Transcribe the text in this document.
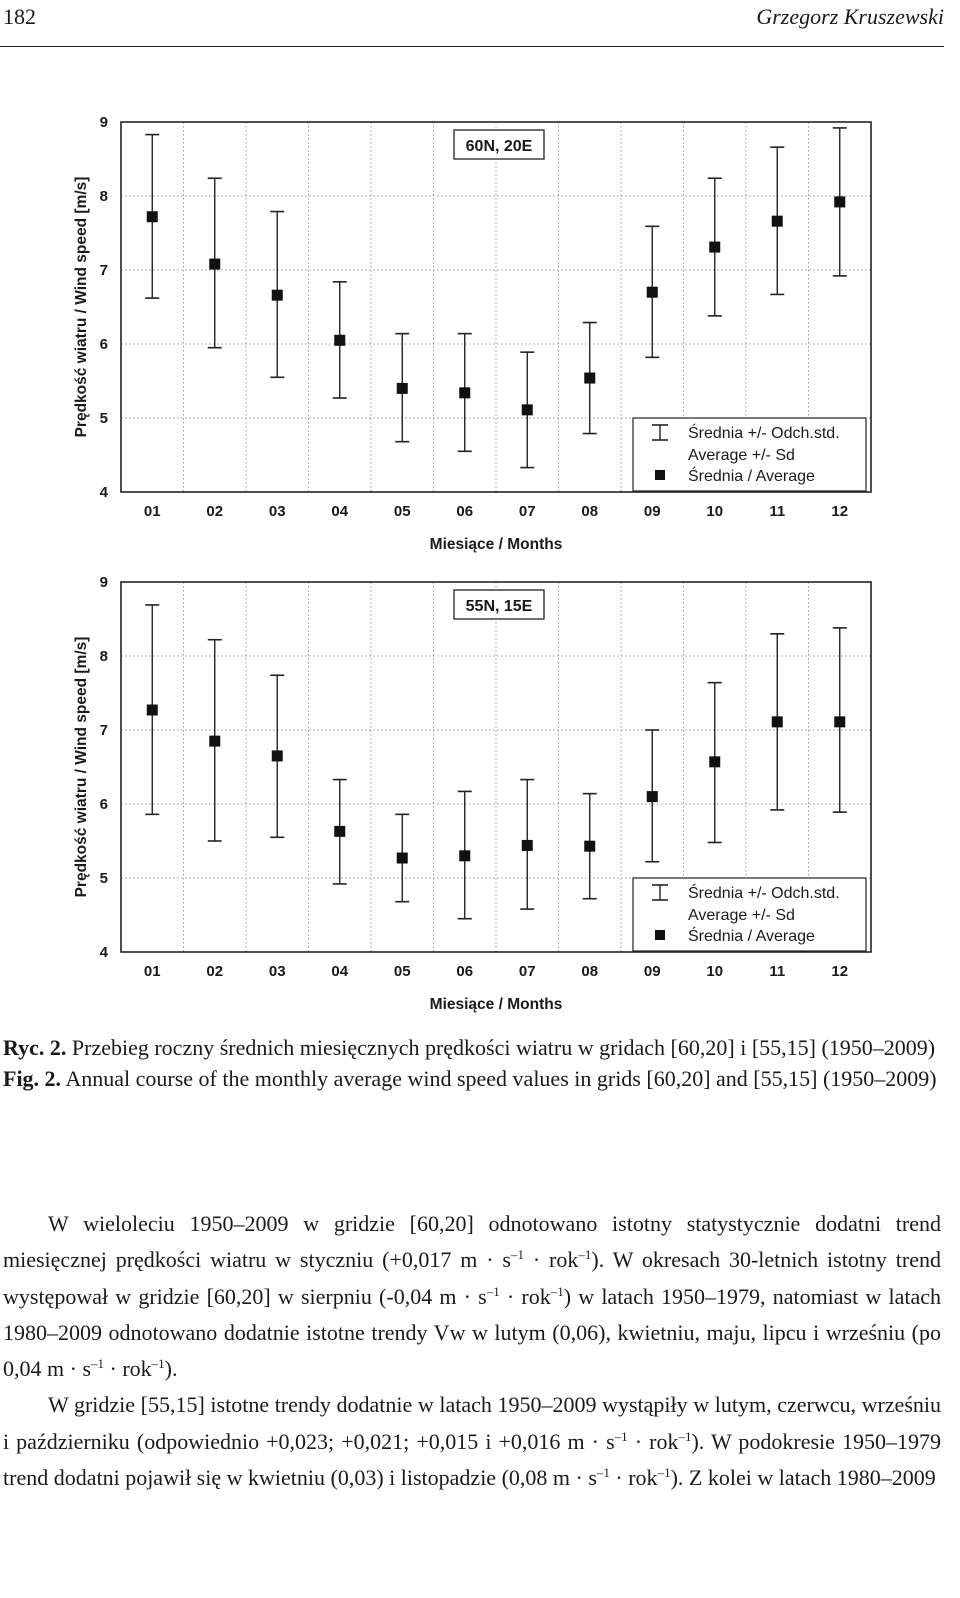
182	Grzegorz Kruszewski
4
5
6
7
8
9
01	02	03	04	05	06	07	08	09	10	11	12
Miesiące / Months
Prędkość wiatru / Wind speed [m/s]
60N, 20E
Średnia +/- Odch.std.
Average +/- Sd
Średnia / Average
4
5
6
7
8
9
01	02	03	04	05	06	07	08	09	10	11	12
Miesiące / Months
Prędkość wiatru / Wind speed [m/s]
55N, 15E
Średnia +/- Odch.std.
Average +/- Sd
Średnia / Average
Ryc. 2. Przebieg roczny średnich miesięcznych prędkości wiatru w gridach [60,20] i [55,15] (1950–2009)
Fig. 2. Annual course of the monthly average wind speed values in grids [60,20] and [55,15] (1950–2009)

W wieloleciu 1950–2009 w gridzie [60,20] odnotowano istotny statystycznie dodatni trend miesięcznej prędkości wiatru w styczniu (+0,017 $m \cdot s^{-1} \cdot rok^{-1}$). W okresach 30-letnich istotny trend występował w gridzie [60,20] w sierpniu (-0,04 $m \cdot s^{-1} \cdot rok^{-1}$) w latach 1950–1979, natomiast w latach 1980–2009 odnotowano dodatnie istotne trendy Vw w lutym (0,06), kwietniu, maju, lipcu i wrześniu (po 0,04 $m \cdot s^{-1} \cdot rok^{-1}$).

W gridzie [55,15] istotne trendy dodatnie w latach 1950–2009 wystąpiły w lutym, czerwcu, wrześniu i październiku (odpowiednio +0,023; +0,021; +0,015 i +0,016 $m \cdot s^{-1} \cdot rok^{-1}$). W podokresie 1950–1979 trend dodatni pojawił się w kwietniu (0,03) i listopadzie (0,08 $m \cdot s^{-1} \cdot rok^{-1}$). Z kolei w latach 1980–2009
